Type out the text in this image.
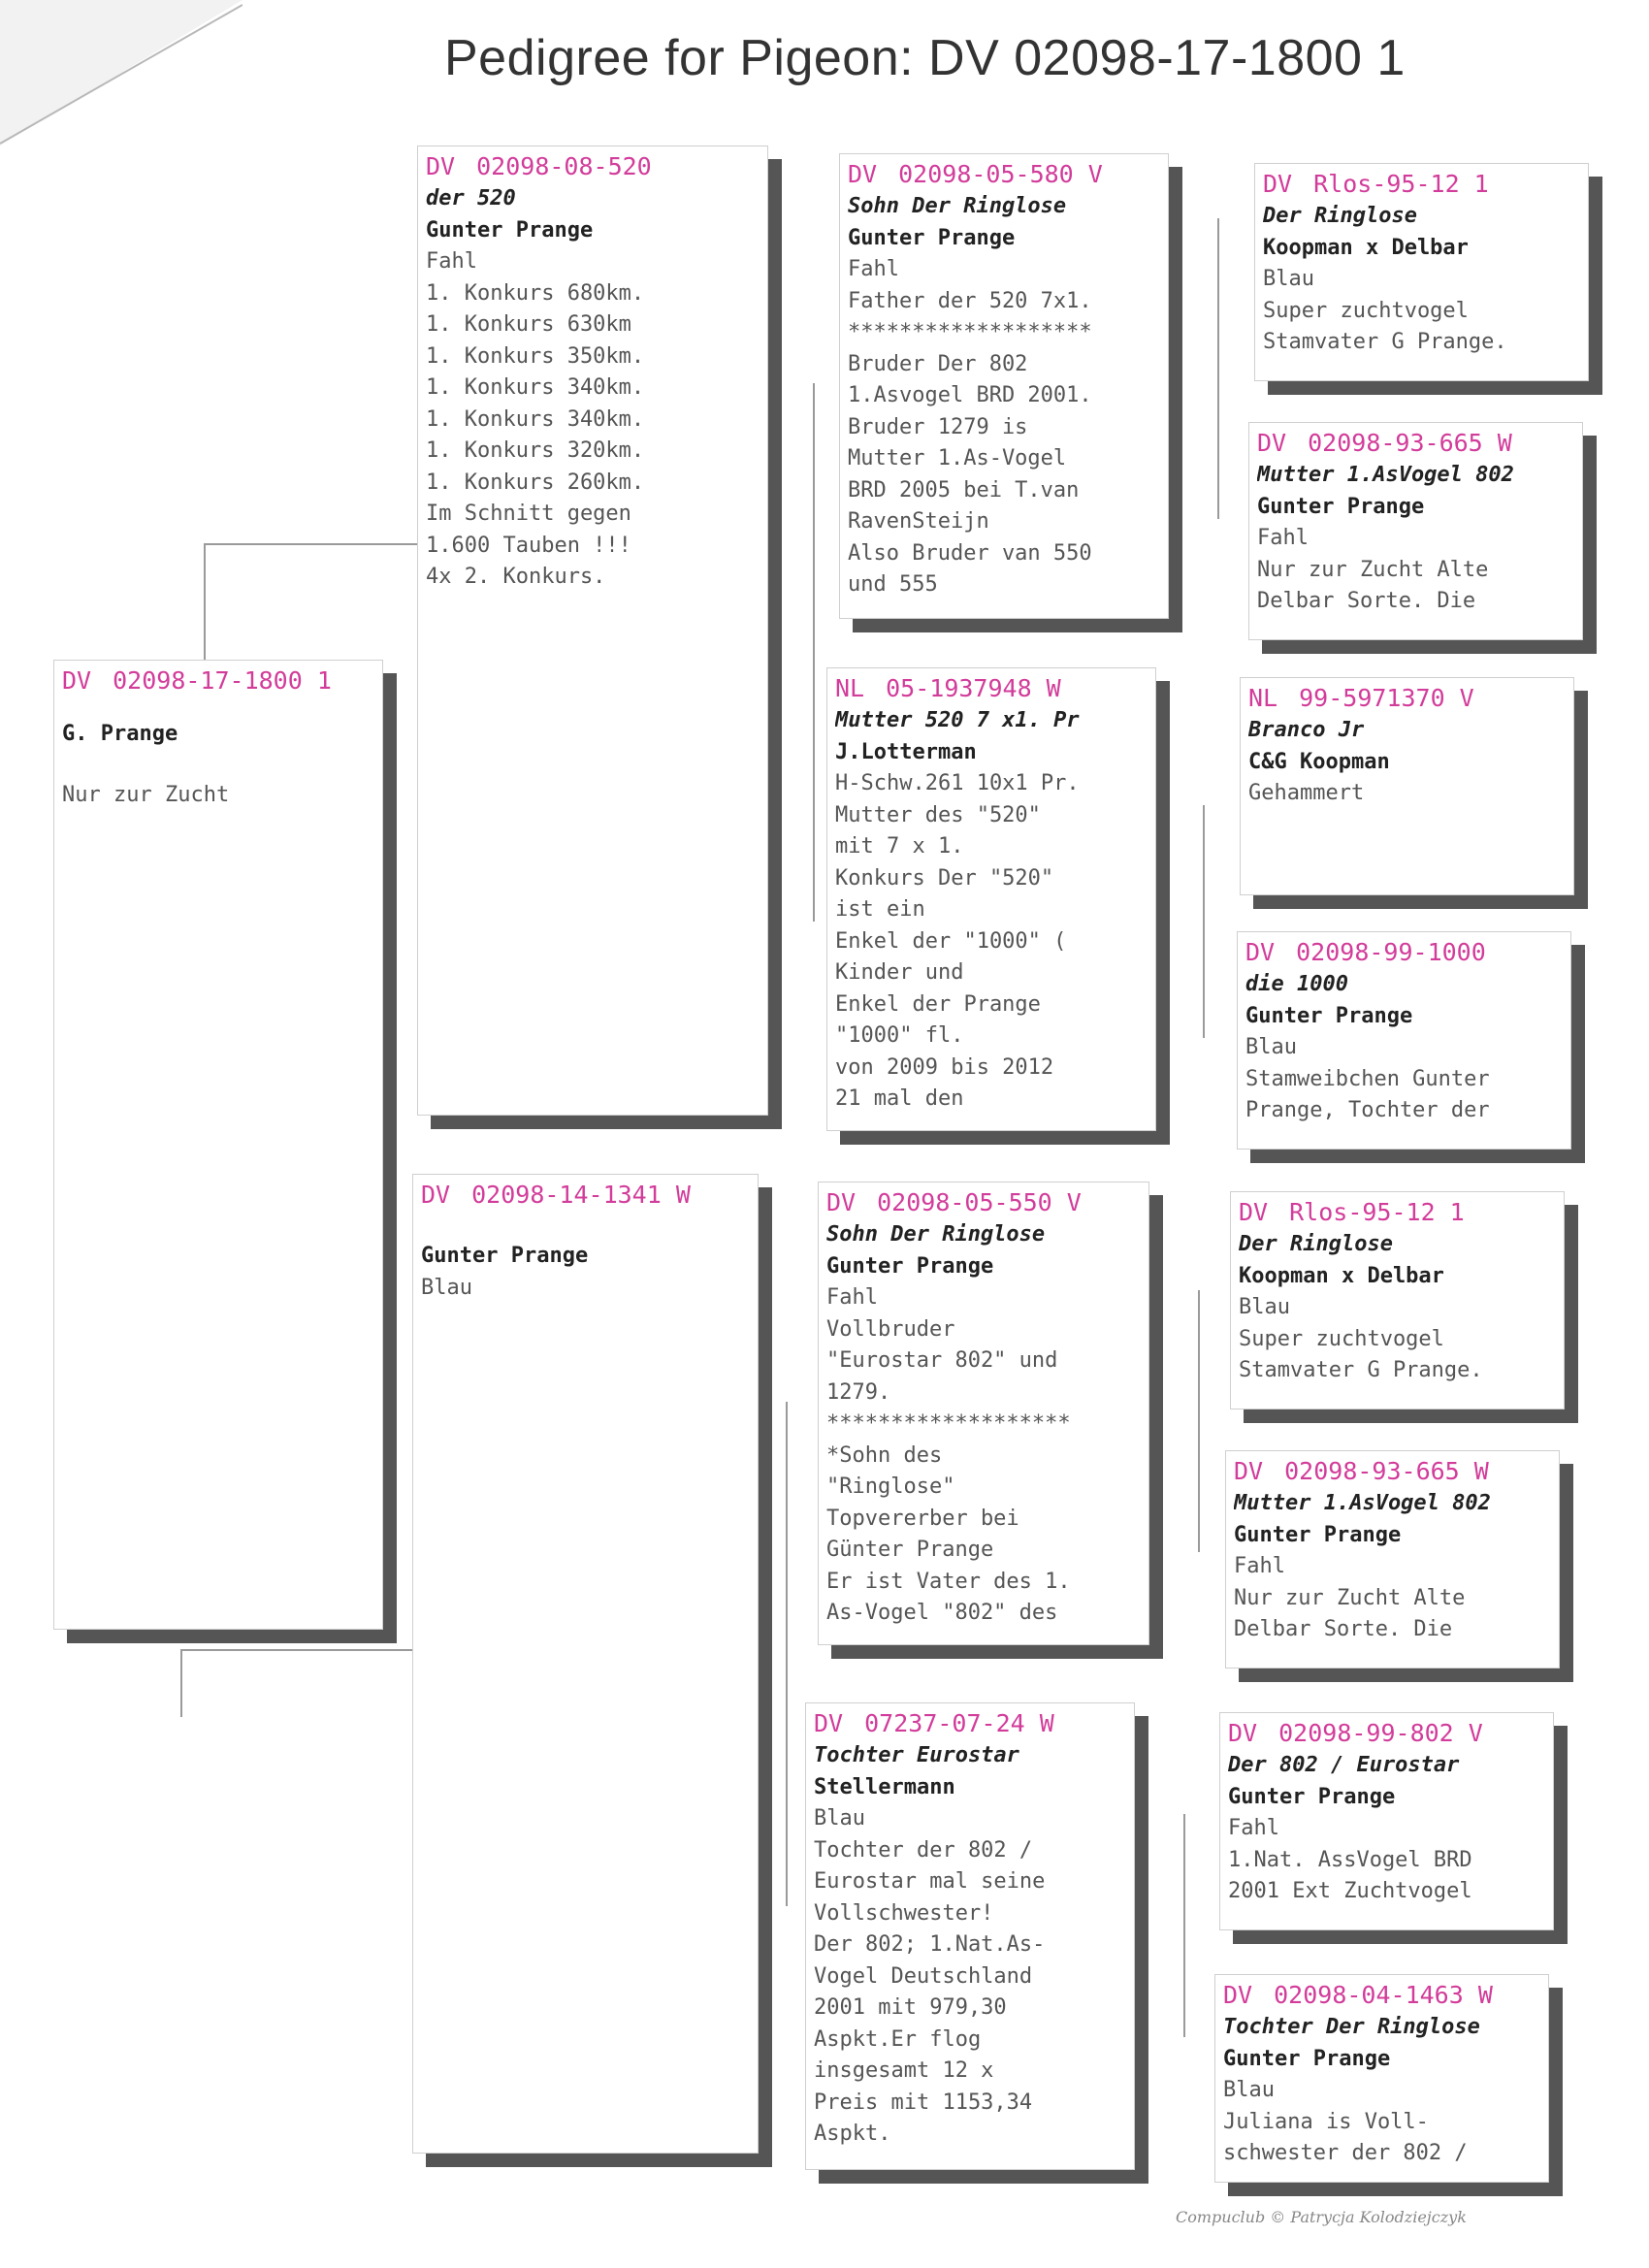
Pedigree for Pigeon: DV 02098-17-1800 1
DV 02098-17-1800 1
G. Prange
Nur zur Zucht
DV 02098-08-520
der 520
Gunter Prange
Fahl
1. Konkurs 680km.
1. Konkurs 630km
1. Konkurs 350km.
1. Konkurs 340km.
1. Konkurs 340km.
1. Konkurs 320km.
1. Konkurs 260km.
Im Schnitt gegen
1.600 Tauben !!!
4x 2. Konkurs.
DV 02098-14-1341 W
Gunter Prange
Blau
DV 02098-05-580 V
Sohn Der Ringlose
Gunter Prange
Fahl
Father der 520 7x1.
*******************
Bruder Der 802
1.Asvogel BRD 2001.
Bruder 1279 is
Mutter 1.As-Vogel
BRD 2005 bei T.van
RavenSteijn
Also Bruder van 550
und 555
NL 05-1937948 W
Mutter 520 7 x1. Pr
J.Lotterman
H-Schw.261 10x1 Pr.
Mutter des "520"
mit 7 x 1.
Konkurs Der "520"
ist ein
Enkel der "1000" (
Kinder und
Enkel der Prange
"1000" fl.
von 2009 bis 2012
21 mal den
DV 02098-05-550 V
Sohn Der Ringlose
Gunter Prange
Fahl
Vollbruder
"Eurostar 802" und
1279.
*******************
*Sohn des
"Ringlose"
Topvererber bei
Günter Prange
Er ist Vater des 1.
As-Vogel "802" des
DV 07237-07-24 W
Tochter Eurostar
Stellermann
Blau
Tochter der 802 /
Eurostar mal seine
Vollschwester!
Der 802; 1.Nat.As-
Vogel Deutschland
2001 mit 979,30
Aspkt.Er flog
insgesamt 12 x
Preis mit 1153,34
Aspkt.
DV Rlos-95-12 1
Der Ringlose
Koopman x Delbar
Blau
Super zuchtvogel
Stamvater G Prange.
DV 02098-93-665 W
Mutter 1.AsVogel 802
Gunter Prange
Fahl
Nur zur Zucht Alte
Delbar Sorte. Die
NL 99-5971370 V
Branco Jr
C&G Koopman
Gehammert
DV 02098-99-1000
die 1000
Gunter Prange
Blau
Stamweibchen Gunter
Prange, Tochter der
DV Rlos-95-12 1
Der Ringlose
Koopman x Delbar
Blau
Super zuchtvogel
Stamvater G Prange.
DV 02098-93-665 W
Mutter 1.AsVogel 802
Gunter Prange
Fahl
Nur zur Zucht Alte
Delbar Sorte. Die
DV 02098-99-802 V
Der 802 / Eurostar
Gunter Prange
Fahl
1.Nat. AssVogel BRD
2001 Ext Zuchtvogel
DV 02098-04-1463 W
Tochter Der Ringlose
Gunter Prange
Blau
Juliana is Voll-
schwester der 802 /
Compuclub © Patrycja Kolodziejczyk
